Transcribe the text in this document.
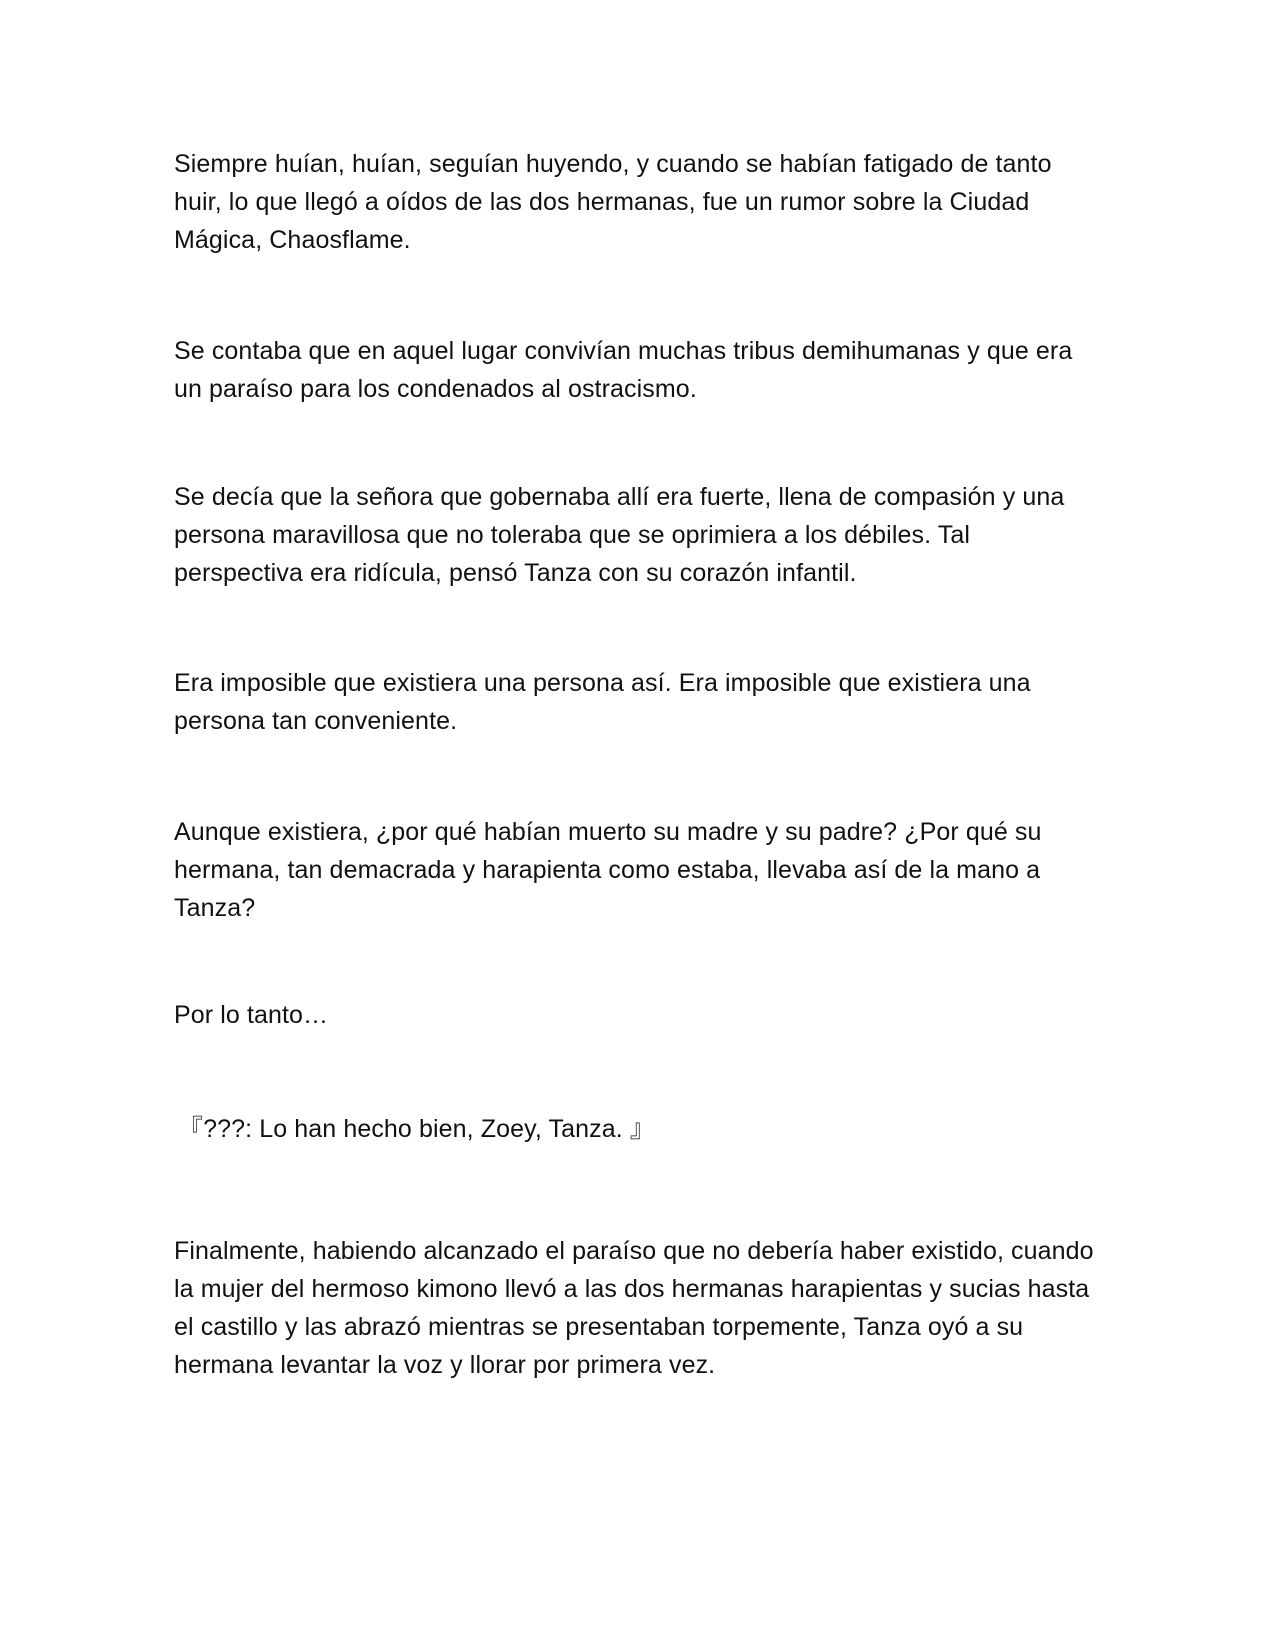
Siempre huían, huían, seguían huyendo, y cuando se habían fatigado de tanto huir, lo que llegó a oídos de las dos hermanas, fue un rumor sobre la Ciudad Mágica, Chaosflame.

Se contaba que en aquel lugar convivían muchas tribus demihumanas y que era un paraíso para los condenados al ostracismo.

Se decía que la señora que gobernaba allí era fuerte, llena de compasión y una persona maravillosa que no toleraba que se oprimiera a los débiles. Tal perspectiva era ridícula, pensó Tanza con su corazón infantil.

Era imposible que existiera una persona así. Era imposible que existiera una persona tan conveniente.

Aunque existiera, ¿por qué habían muerto su madre y su padre? ¿Por qué su hermana, tan demacrada y harapienta como estaba, llevaba así de la mano a Tanza?

Por lo tanto…

『???: Lo han hecho bien, Zoey, Tanza. 』

Finalmente, habiendo alcanzado el paraíso que no debería haber existido, cuando la mujer del hermoso kimono llevó a las dos hermanas harapientas y sucias hasta el castillo y las abrazó mientras se presentaban torpemente, Tanza oyó a su hermana levantar la voz y llorar por primera vez.
